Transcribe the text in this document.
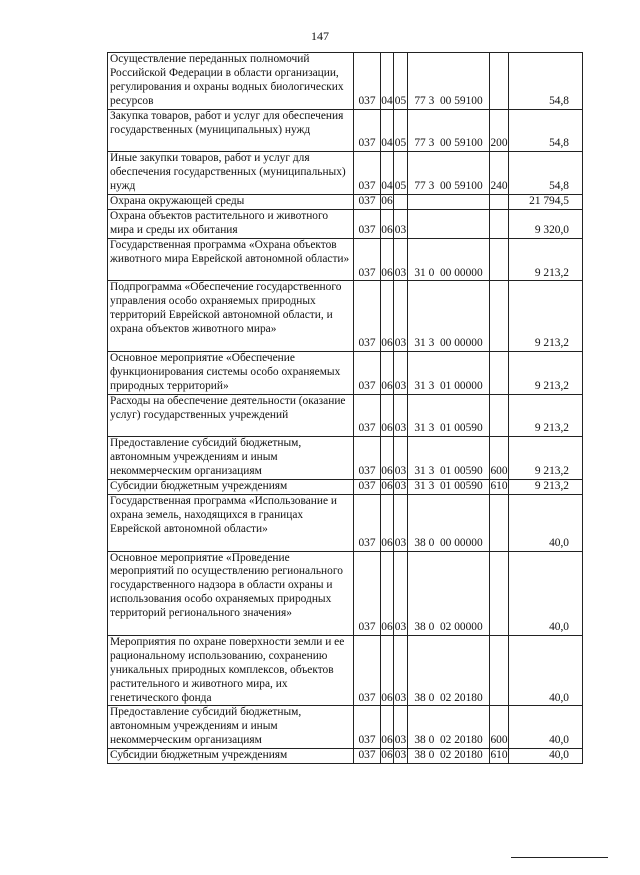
147
Осуществление переданных полномочий Российской Федерации в области организации, регулирования и охраны водных биологических ресурсов	037	04	05	77 3  00 59100		54,8
Закупка товаров, работ и услуг для обеспечения государственных (муниципальных) нужд	037	04	05	77 3  00 59100	200	54,8
Иные закупки товаров, работ и услуг для обеспечения государственных (муниципальных) нужд	037	04	05	77 3  00 59100	240	54,8
Охрана окружающей среды	037	06				21 794,5
Охрана объектов растительного и животного мира и среды их обитания	037	06	03			9 320,0
Государственная программа «Охрана объектов животного мира Еврейской автономной области»	037	06	03	31 0  00 00000		9 213,2
Подпрограмма «Обеспечение государственного управления особо охраняемых природных территорий Еврейской автономной области, и охрана объектов животного мира»	037	06	03	31 3  00 00000		9 213,2
Основное мероприятие «Обеспечение функционирования системы особо охраняемых природных территорий»	037	06	03	31 3  01 00000		9 213,2
Расходы на обеспечение деятельности (оказание услуг) государственных учреждений	037	06	03	31 3  01 00590		9 213,2
Предоставление субсидий бюджетным, автономным учреждениям и иным некоммерческим организациям	037	06	03	31 3  01 00590	600	9 213,2
Субсидии бюджетным учреждениям	037	06	03	31 3  01 00590	610	9 213,2
Государственная программа «Использование и охрана земель, находящихся в границах Еврейской автономной области»	037	06	03	38 0  00 00000		40,0
Основное мероприятие «Проведение мероприятий по осуществлению регионального государственного надзора в области охраны и использования особо охраняемых природных территорий регионального значения»	037	06	03	38 0  02 00000		40,0
Мероприятия по охране поверхности земли и ее рациональному использованию, сохранению уникальных природных комплексов, объектов растительного и животного мира, их генетического фонда	037	06	03	38 0  02 20180		40,0
Предоставление субсидий бюджетным, автономным учреждениям и иным некоммерческим организациям	037	06	03	38 0  02 20180	600	40,0
Субсидии бюджетным учреждениям	037	06	03	38 0  02 20180	610	40,0
